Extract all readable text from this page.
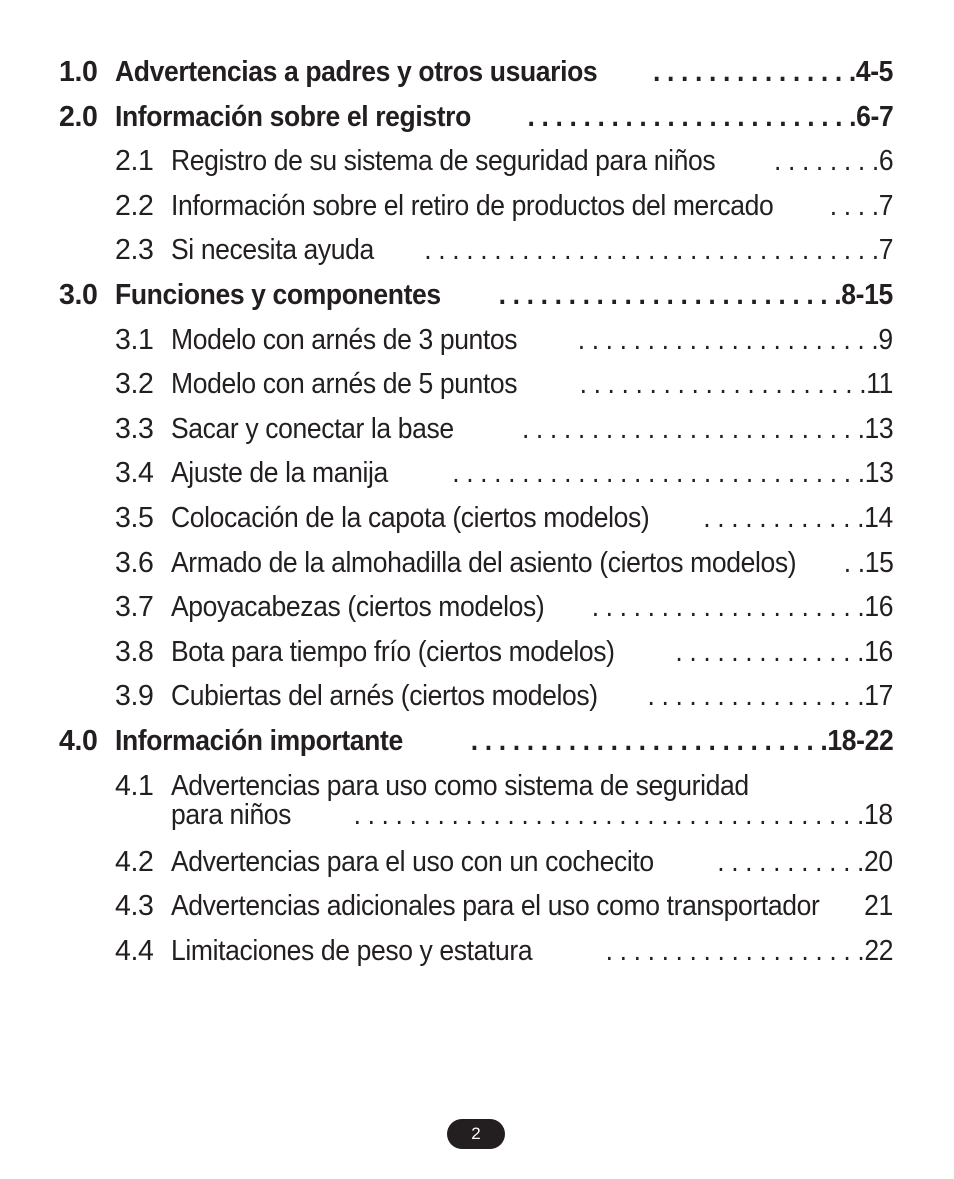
1.0 Advertencias a padres y otros usuarios . . . . . . . . . . . . . . .4-5
2.0 Información sobre el registro . . . . . . . . . . . . . . . . . . . . . . . .6-7
2.1 Registro de su sistema de seguridad para niños . . . . . . . .6
2.2 Información sobre el retiro de productos del mercado . . . .7
2.3 Si necesita ayuda . . . . . . . . . . . . . . . . . . . . . . . . . . . . . . . . .7
3.0 Funciones y componentes . . . . . . . . . . . . . . . . . . . . . . . . .8-15
3.1 Modelo con arnés de 3 puntos . . . . . . . . . . . . . . . . . . . . . .9
3.2 Modelo con arnés de 5 puntos . . . . . . . . . . . . . . . . . . . . .11
3.3 Sacar y conectar la base . . . . . . . . . . . . . . . . . . . . . . . . .13
3.4 Ajuste de la manija . . . . . . . . . . . . . . . . . . . . . . . . . . . . . .13
3.5 Colocación de la capota (ciertos modelos) . . . . . . . . . . . .14
3.6 Armado de la almohadilla del asiento (ciertos modelos) . .15
3.7 Apoyacabezas (ciertos modelos) . . . . . . . . . . . . . . . . . . . .16
3.8 Bota para tiempo frío (ciertos modelos) . . . . . . . . . . . . . .16
3.9 Cubiertas del arnés (ciertos modelos) . . . . . . . . . . . . . . . .17
4.0 Información importante . . . . . . . . . . . . . . . . . . . . . . . . . .18-22
4.1 Advertencias para uso como sistema de seguridad
para niños . . . . . . . . . . . . . . . . . . . . . . . . . . . . . . . . . . . . .18
4.2 Advertencias para el uso con un cochecito . . . . . . . . . . .20
4.3 Advertencias adicionales para el uso como transportador 21
4.4 Limitaciones de peso y estatura	. . . . . . . . . . . . . . . . . . .22
2
